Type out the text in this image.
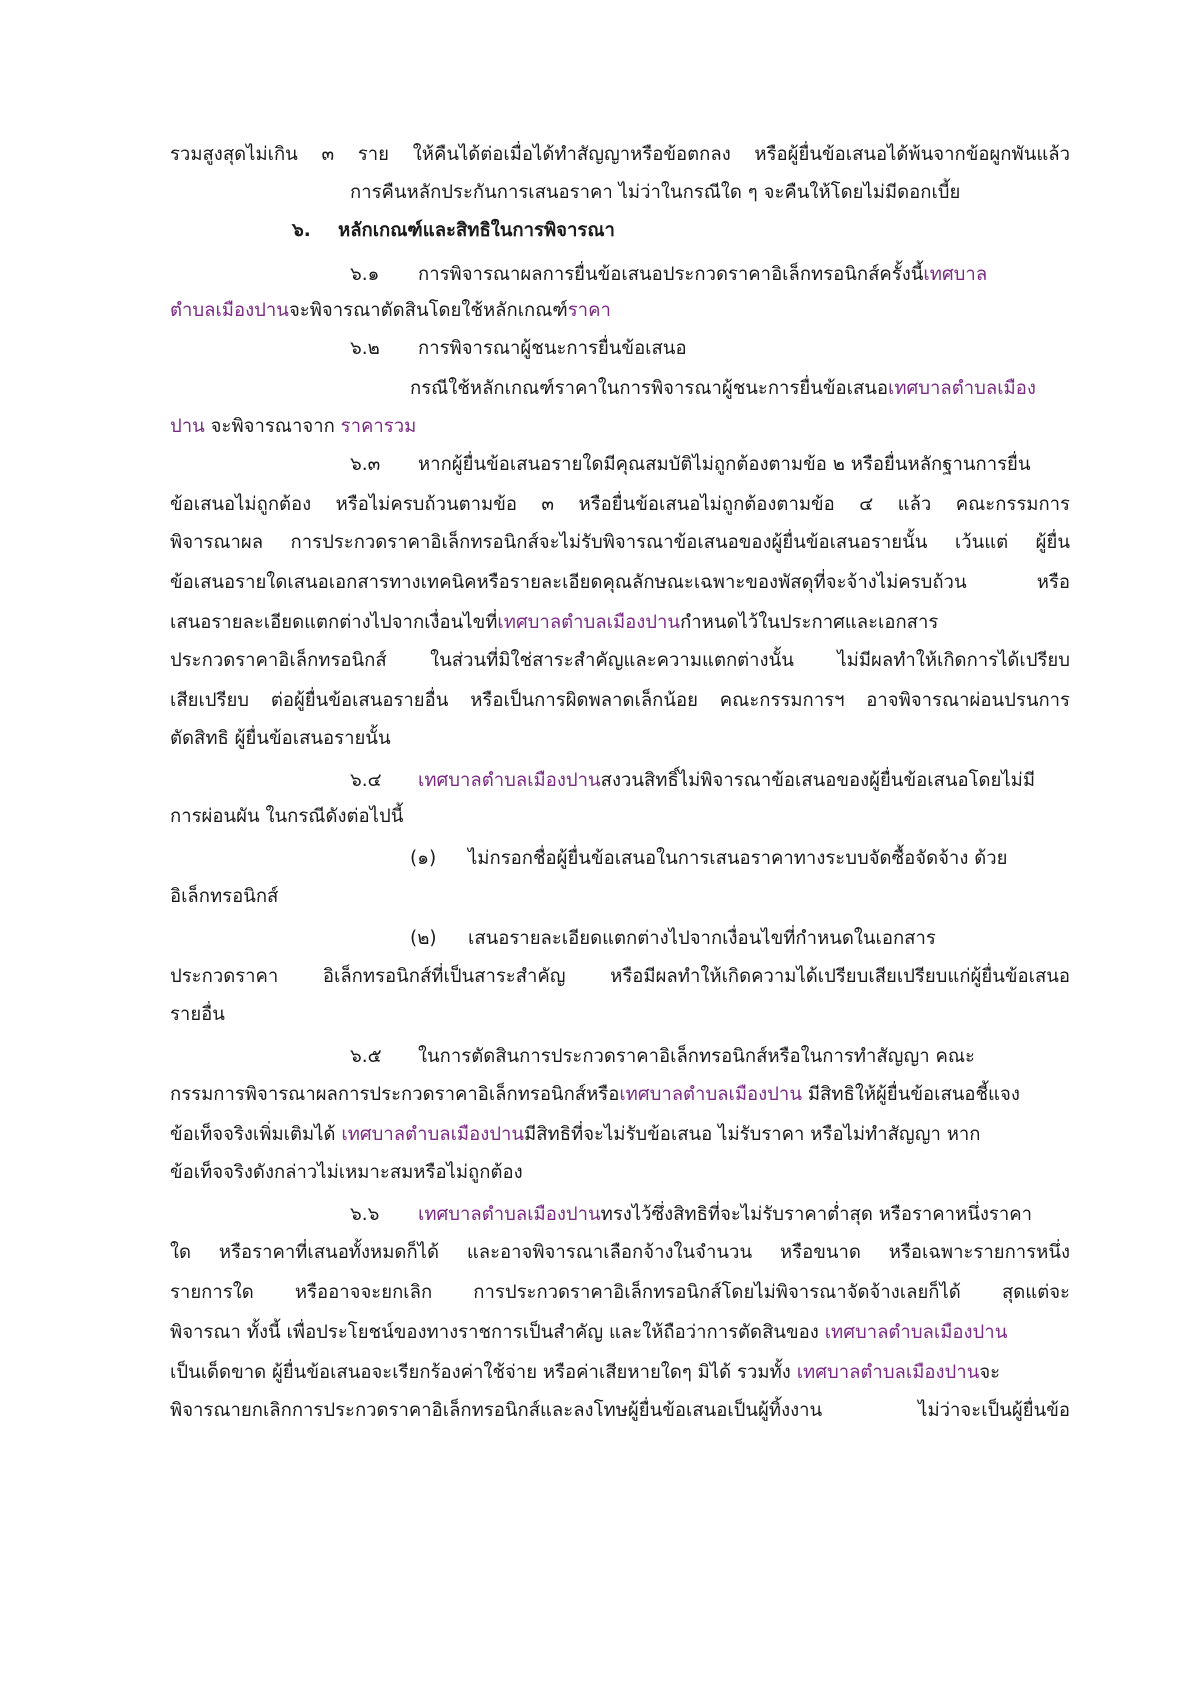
รวมสูงสุดไม่เกิน ๓ ราย ให้คืนได้ต่อเมื่อได้ทำสัญญาหรือข้อตกลง หรือผู้ยื่นข้อเสนอได้พ้นจากข้อผูกพันแล้ว
การคืนหลักประกันการเสนอราคา ไม่ว่าในกรณีใด ๆ จะคืนให้โดยไม่มีดอกเบี้ย
๖.	หลักเกณฑ์และสิทธิในการพิจารณา
๖.๑	การพิจารณาผลการยื่นข้อเสนอประกวดราคาอิเล็กทรอนิกส์ครั้งนี้ เทศบาล
ตำบลเมืองปาน จะพิจารณาตัดสินโดยใช้หลักเกณฑ์ ราคา
๖.๒	การพิจารณาผู้ชนะการยื่นข้อเสนอ
กรณีใช้หลักเกณฑ์ราคาในการพิจารณาผู้ชนะการยื่นข้อเสนอ เทศบาลตำบลเมือง
ปาน จะพิจารณาจาก ราคารวม
๖.๓	หากผู้ยื่นข้อเสนอรายใดมีคุณสมบัติไม่ถูกต้องตามข้อ ๒ หรือยื่นหลักฐานการยื่น
ข้อเสนอไม่ถูกต้อง หรือไม่ครบถ้วนตามข้อ ๓ หรือยื่นข้อเสนอไม่ถูกต้องตามข้อ ๔ แล้ว คณะกรรมการ
พิจารณาผล การประกวดราคาอิเล็กทรอนิกส์จะไม่รับพิจารณาข้อเสนอของผู้ยื่นข้อเสนอรายนั้น เว้นแต่ ผู้ยื่น
ข้อเสนอรายใดเสนอเอกสารทางเทคนิคหรือรายละเอียดคุณลักษณะเฉพาะของพัสดุที่จะจ้างไม่ครบถ้วน หรือ
เสนอรายละเอียดแตกต่างไปจากเงื่อนไขที่ เทศบาลตำบลเมืองปาน กำหนดไว้ในประกาศและเอกสาร
ประกวดราคาอิเล็กทรอนิกส์ ในส่วนที่มิใช่สาระสำคัญและความแตกต่างนั้น ไม่มีผลทำให้เกิดการได้เปรียบ
เสียเปรียบ ต่อผู้ยื่นข้อเสนอรายอื่น หรือเป็นการผิดพลาดเล็กน้อย คณะกรรมการฯ อาจพิจารณาผ่อนปรนการ
ตัดสิทธิ ผู้ยื่นข้อเสนอรายนั้น
๖.๔	เทศบาลตำบลเมืองปาน สงวนสิทธิ์ไม่พิจารณาข้อเสนอของผู้ยื่นข้อเสนอโดยไม่มี
การผ่อนผัน ในกรณีดังต่อไปนี้
(๑)	ไม่กรอกชื่อผู้ยื่นข้อเสนอในการเสนอราคาทางระบบจัดซื้อจัดจ้าง ด้วย
อิเล็กทรอนิกส์
(๒)	เสนอรายละเอียดแตกต่างไปจากเงื่อนไขที่กำหนดในเอกสาร
ประกวดราคา อิเล็กทรอนิกส์ที่เป็นสาระสำคัญ หรือมีผลทำให้เกิดความได้เปรียบเสียเปรียบแก่ผู้ยื่นข้อเสนอ
รายอื่น
๖.๕	ในการตัดสินการประกวดราคาอิเล็กทรอนิกส์หรือในการทำสัญญา คณะ
กรรมการพิจารณาผลการประกวดราคาอิเล็กทรอนิกส์หรือ เทศบาลตำบลเมืองปาน มีสิทธิให้ผู้ยื่นข้อเสนอชี้แจง
ข้อเท็จจริงเพิ่มเติมได้ เทศบาลตำบลเมืองปาน มีสิทธิที่จะไม่รับข้อเสนอ ไม่รับราคา หรือไม่ทำสัญญา หาก
ข้อเท็จจริงดังกล่าวไม่เหมาะสมหรือไม่ถูกต้อง
๖.๖	เทศบาลตำบลเมืองปาน ทรงไว้ซึ่งสิทธิที่จะไม่รับราคาต่ำสุด หรือราคาหนึ่งราคา
ใด หรือราคาที่เสนอทั้งหมดก็ได้ และอาจพิจารณาเลือกจ้างในจำนวน หรือขนาด หรือเฉพาะรายการหนึ่ง
รายการใด หรืออาจจะยกเลิก การประกวดราคาอิเล็กทรอนิกส์โดยไม่พิจารณาจัดจ้างเลยก็ได้ สุดแต่จะ
พิจารณา ทั้งนี้ เพื่อประโยชน์ของทางราชการเป็นสำคัญ และให้ถือว่าการตัดสินของ เทศบาลตำบลเมืองปาน
เป็นเด็ดขาด ผู้ยื่นข้อเสนอจะเรียกร้องค่าใช้จ่าย หรือค่าเสียหายใดๆ มิได้ รวมทั้ง เทศบาลตำบลเมืองปาน จะ
พิจารณายกเลิกการประกวดราคาอิเล็กทรอนิกส์และลงโทษผู้ยื่นข้อเสนอเป็นผู้ทิ้งงาน ไม่ว่าจะเป็นผู้ยื่นข้อ
